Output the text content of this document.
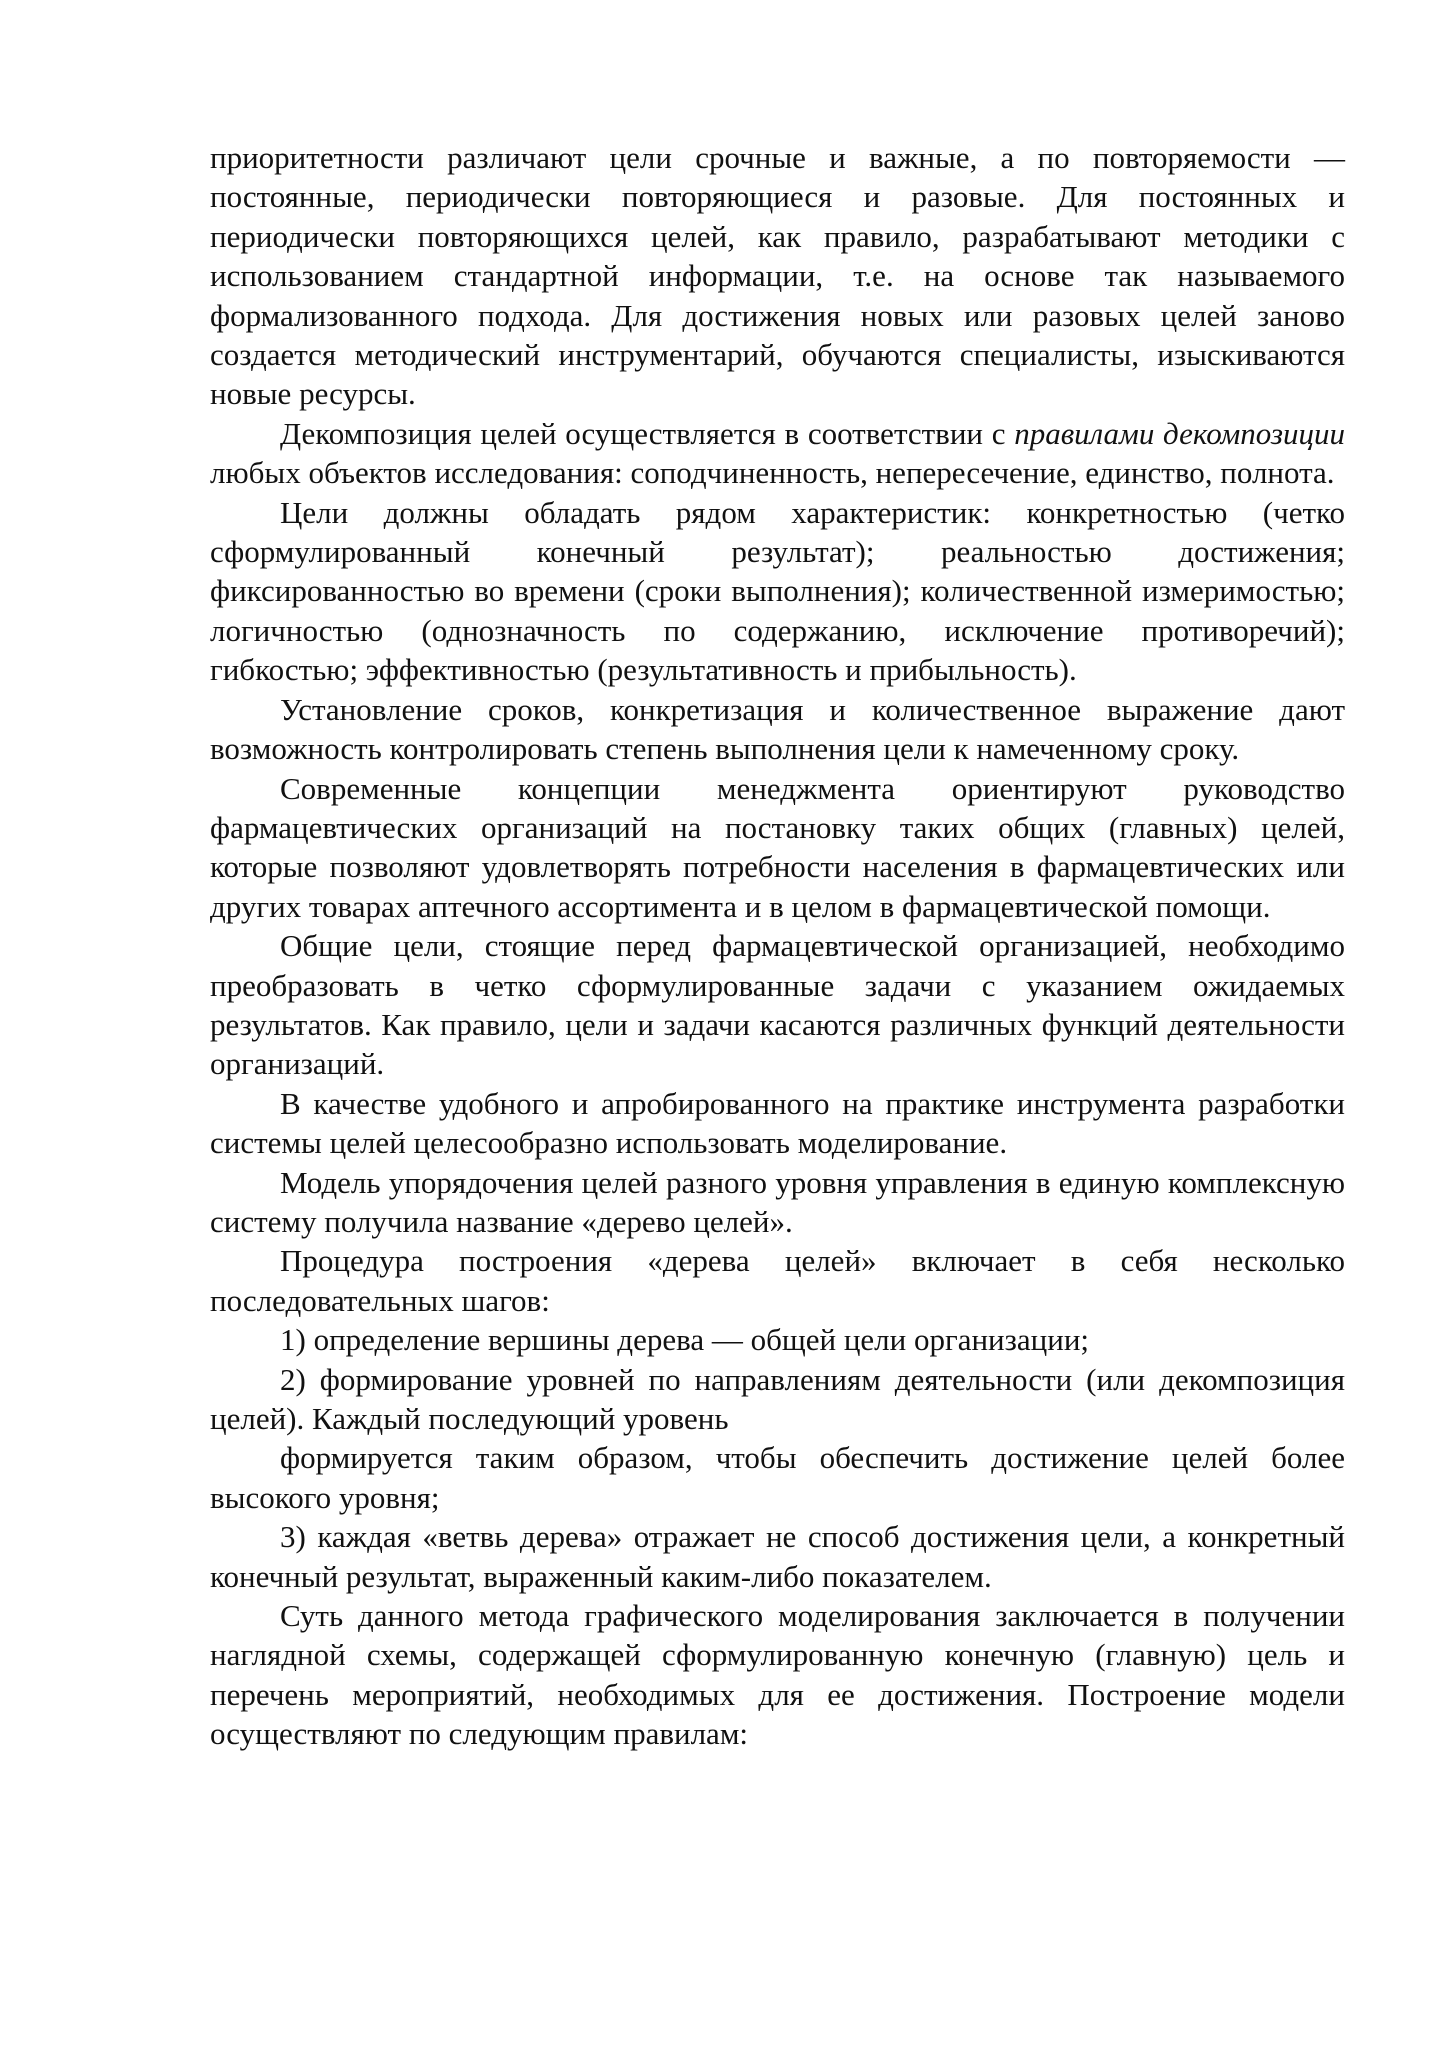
приоритетности различают цели срочные и важные, а по повторяемости — постоянные, периодически повторяющиеся и разовые. Для постоянных и периодически повторяющихся целей, как правило, разрабатывают методики с использованием стандартной информации, т.е. на основе так называемого формализованного подхода. Для достижения новых или разовых целей заново создается методический инструментарий, обучаются специалисты, изыскиваются новые ресурсы.

Декомпозиция целей осуществляется в соответствии с правилами декомпозиции любых объектов исследования: соподчиненность, непересечение, единство, полнота.

Цели должны обладать рядом характеристик: конкретностью (четко сформулированный конечный результат); реальностью достижения; фиксированностью во времени (сроки выполнения); количественной измеримостью; логичностью (однозначность по содержанию, исключение противоречий); гибкостью; эффективностью (результативность и прибыльность).

Установление сроков, конкретизация и количественное выражение дают возможность контролировать степень выполнения цели к намеченному сроку.

Современные концепции менеджмента ориентируют руководство фармацевтических организаций на постановку таких общих (главных) целей, которые позволяют удовлетворять потребности населения в фармацевтических или других товарах аптечного ассортимента и в целом в фармацевтической помощи.

Общие цели, стоящие перед фармацевтической организацией, необходимо преобразовать в четко сформулированные задачи с указанием ожидаемых результатов. Как правило, цели и задачи касаются различных функций деятельности организаций.

В качестве удобного и апробированного на практике инструмента разработки системы целей целесообразно использовать моделирование.

Модель упорядочения целей разного уровня управления в единую комплексную систему получила название «дерево целей».

Процедура построения «дерева целей» включает в себя несколько последовательных шагов:

1) определение вершины дерева — общей цели организации;

2) формирование уровней по направлениям деятельности (или декомпозиция целей). Каждый последующий уровень

формируется таким образом, чтобы обеспечить достижение целей более высокого уровня;

3) каждая «ветвь дерева» отражает не способ достижения цели, а конкретный конечный результат, выраженный каким-либо показателем.

Суть данного метода графического моделирования заключается в получении наглядной схемы, содержащей сформулированную конечную (главную) цель и перечень мероприятий, необходимых для ее достижения. Построение модели осуществляют по следующим правилам:
